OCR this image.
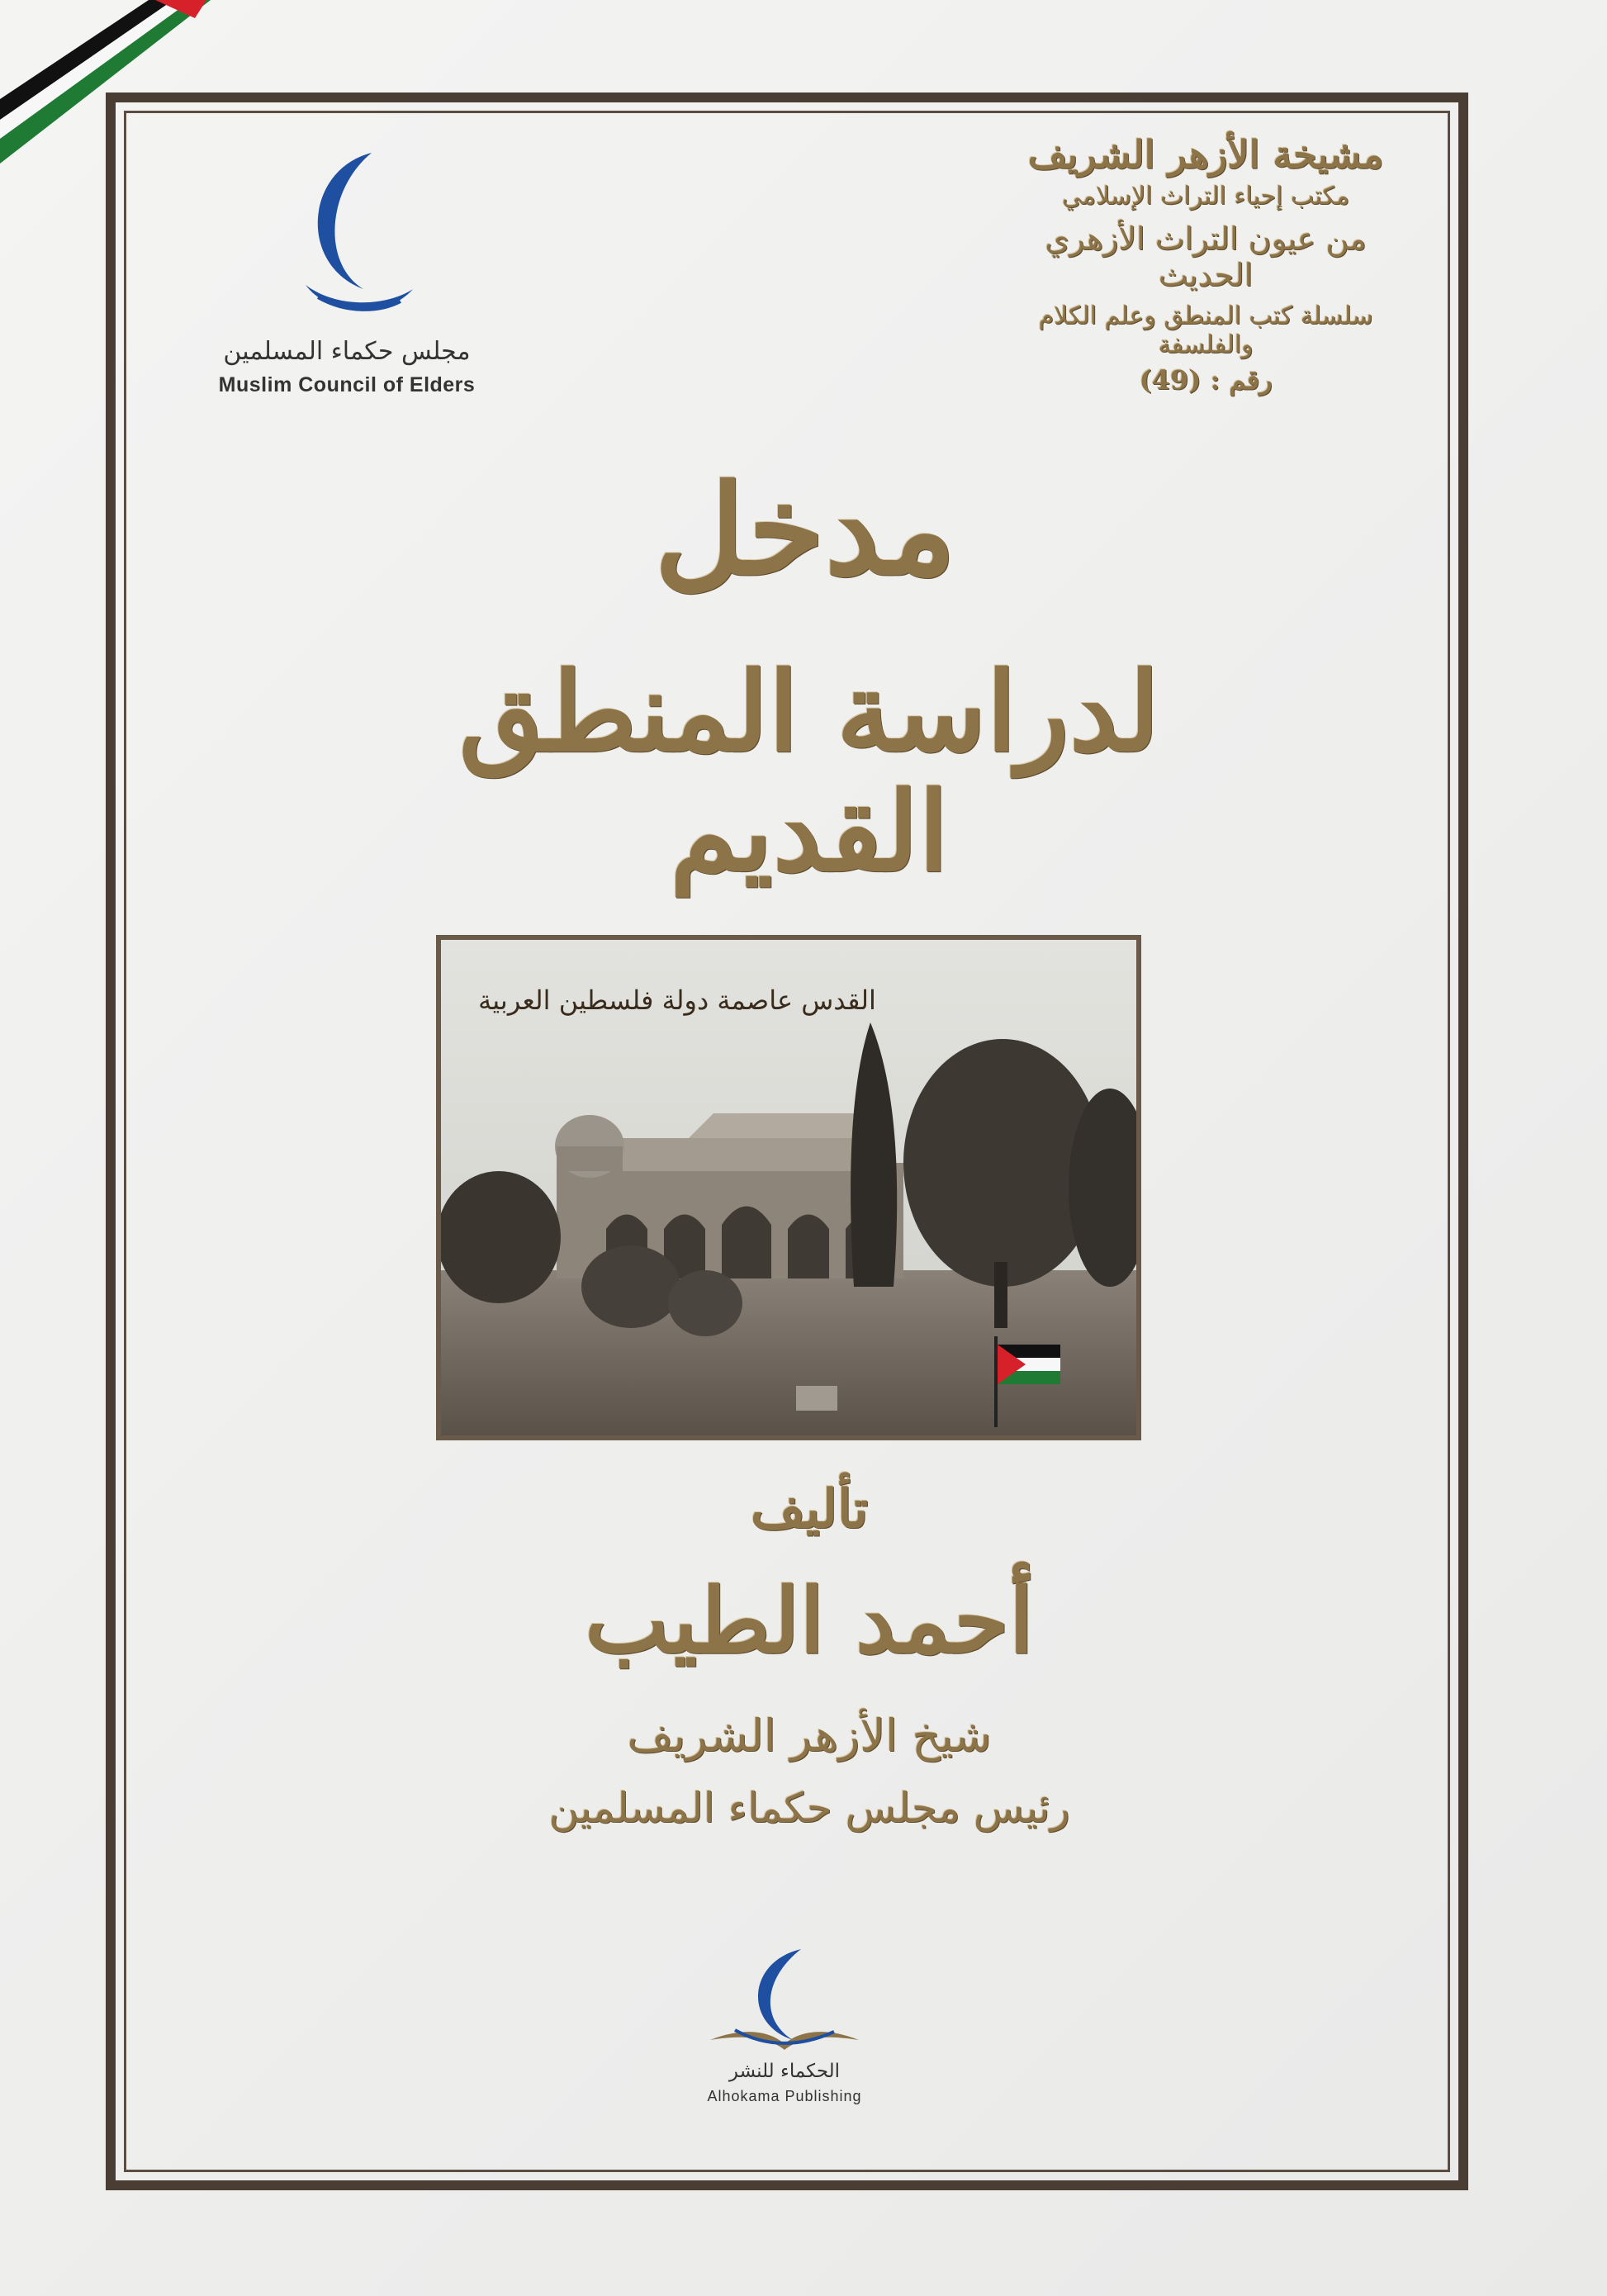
مجلس حكماء المسلمين
Muslim Council of Elders
مشيخة الأزهر الشريف
مكتب إحياء التراث الإسلامي
من عيون التراث الأزهري الحديث
سلسلة كتب المنطق وعلم الكلام والفلسفة
رقم : (49)
مدخل
لدراسة المنطق القديم
القدس عاصمة دولة فلسطين العربية
تأليف
أحمد الطيب
شيخ الأزهر الشريف
رئيس مجلس حكماء المسلمين
الحكماء للنشر
Alhokama Publishing
